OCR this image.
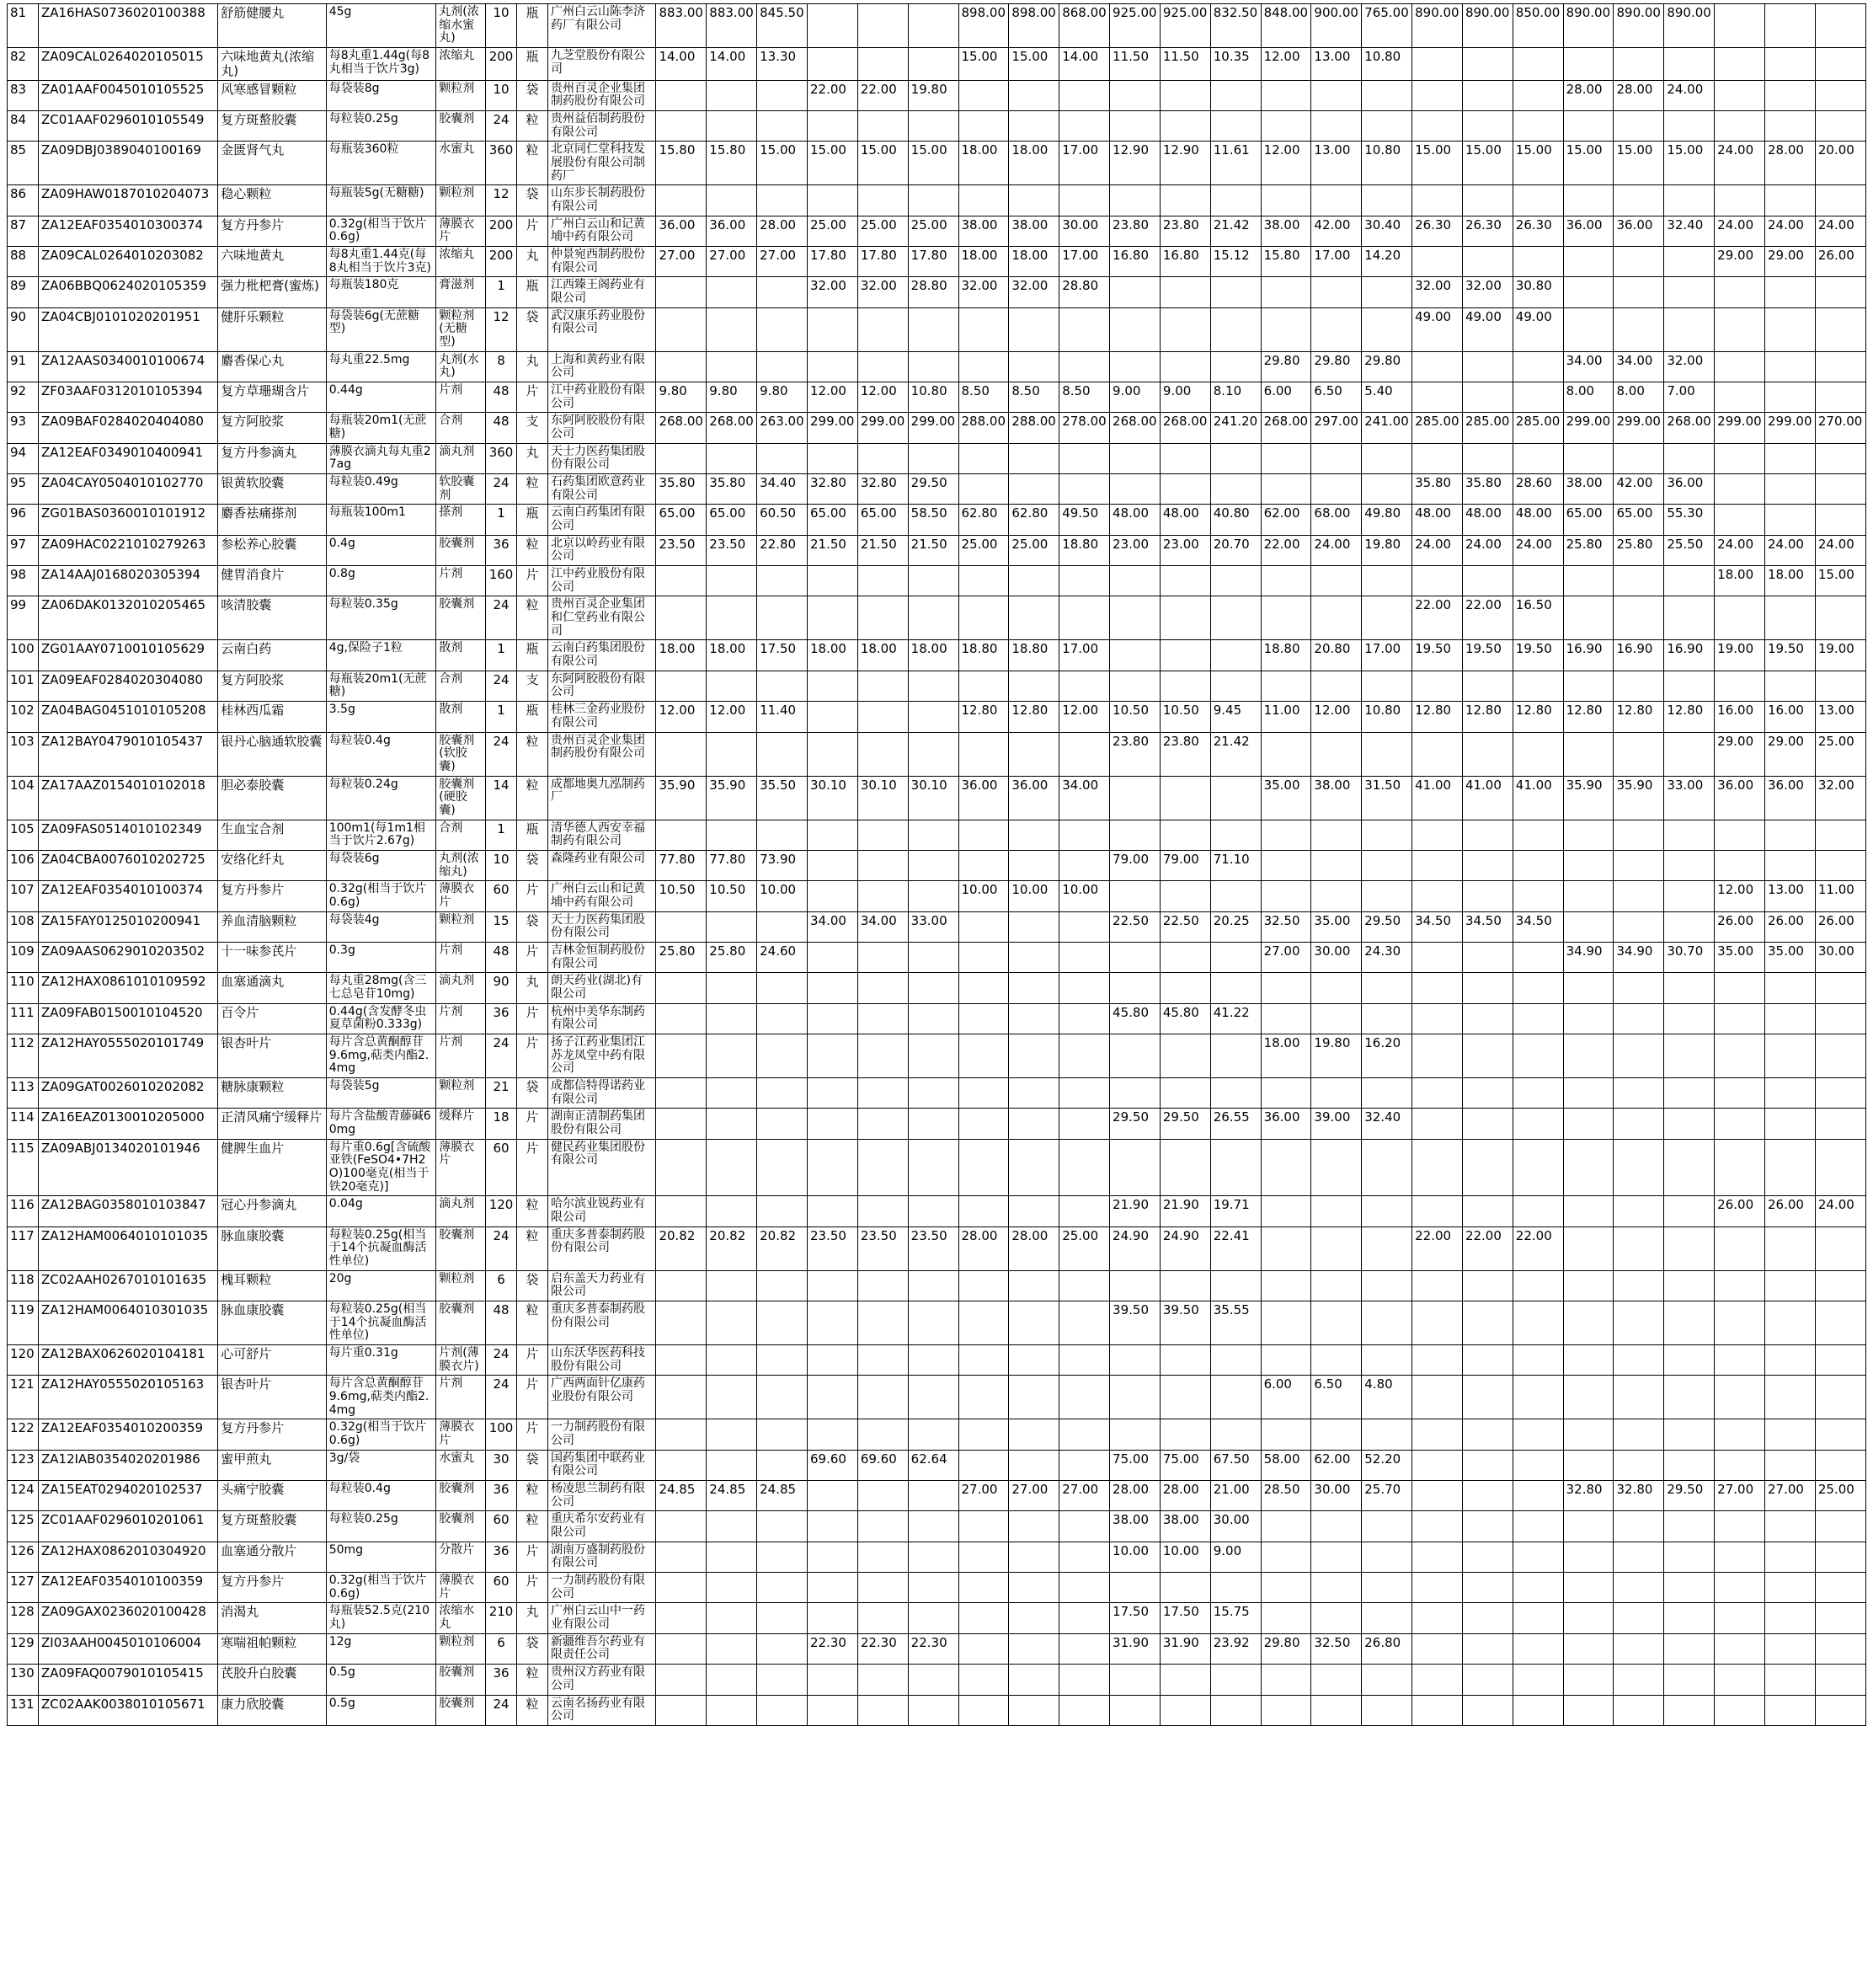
81	ZA16HAS0736020100388	舒筋健腰丸	45g	丸剂(浓缩水蜜丸)	10	瓶	广州白云山陈李济药厂有限公司	883.00	883.00	845.50				898.00	898.00	868.00	925.00	925.00	832.50	848.00	900.00	765.00	890.00	890.00	850.00	890.00	890.00	890.00			
82	ZA09CAL0264020105015	六味地黄丸(浓缩丸)	每8丸重1.44g(每8丸相当于饮片3g)	浓缩丸	200	瓶	九芝堂股份有限公司	14.00	14.00	13.30				15.00	15.00	14.00	11.50	11.50	10.35	12.00	13.00	10.80									
83	ZA01AAF0045010105525	风寒感冒颗粒	每袋装8g	颗粒剂	10	袋	贵州百灵企业集团制药股份有限公司				22.00	22.00	19.80													28.00	28.00	24.00			
84	ZC01AAF0296010105549	复方斑螯胶囊	每粒装0.25g	胶囊剂	24	粒	贵州益佰制药股份有限公司																								
85	ZA09DBJ0389040100169	金匮肾气丸	每瓶装360粒	水蜜丸	360	粒	北京同仁堂科技发展股份有限公司制药厂	15.80	15.80	15.00	15.00	15.00	15.00	18.00	18.00	17.00	12.90	12.90	11.61	12.00	13.00	10.80	15.00	15.00	15.00	15.00	15.00	15.00	24.00	28.00	20.00
86	ZA09HAW0187010204073	稳心颗粒	每瓶装5g(无糖糖)	颗粒剂	12	袋	山东步长制药股份有限公司																								
87	ZA12EAF0354010300374	复方丹参片	0.32g(相当于饮片0.6g)	薄膜衣片	200	片	广州白云山和记黄埔中药有限公司	36.00	36.00	28.00	25.00	25.00	25.00	38.00	38.00	30.00	23.80	23.80	21.42	38.00	42.00	30.40	26.30	26.30	26.30	36.00	36.00	32.40	24.00	24.00	24.00
88	ZA09CAL0264010203082	六味地黄丸	每8丸重1.44克(每8丸相当于饮片3克)	浓缩丸	200	丸	仲景宛西制药股份有限公司	27.00	27.00	27.00	17.80	17.80	17.80	18.00	18.00	17.00	16.80	16.80	15.12	15.80	17.00	14.20							29.00	29.00	26.00
89	ZA06BBQ0624020105359	强力枇杷膏(蜜炼)	每瓶装180克	膏滋剂	1	瓶	江西臻王阁药业有限公司				32.00	32.00	28.80	32.00	32.00	28.80							32.00	32.00	30.80						
90	ZA04CBJ0101020201951	健肝乐颗粒	每袋装6g(无蔗糖型)	颗粒剂(无糖型)	12	袋	武汉康乐药业股份有限公司																49.00	49.00	49.00						
91	ZA12AAS0340010100674	麝香保心丸	每丸重22.5mg	丸剂(水丸)	8	丸	上海和黄药业有限公司													29.80	29.80	29.80				34.00	34.00	32.00			
92	ZF03AAF0312010105394	复方草珊瑚含片	0.44g	片剂	48	片	江中药业股份有限公司	9.80	9.80	9.80	12.00	12.00	10.80	8.50	8.50	8.50	9.00	9.00	8.10	6.00	6.50	5.40				8.00	8.00	7.00			
93	ZA09BAF0284020404080	复方阿胶浆	每瓶装20m1(无蔗糖)	合剂	48	支	东阿阿胶股份有限公司	268.00	268.00	263.00	299.00	299.00	299.00	288.00	288.00	278.00	268.00	268.00	241.20	268.00	297.00	241.00	285.00	285.00	285.00	299.00	299.00	268.00	299.00	299.00	270.00
94	ZA12EAF0349010400941	复方丹参滴丸	薄膜衣滴丸每丸重27ag	滴丸剂	360	丸	天士力医药集团股份有限公司																								
95	ZA04CAY0504010102770	银黄软胶囊	每粒装0.49g	软胶囊剂	24	粒	石药集团欧意药业有限公司	35.80	35.80	34.40	32.80	32.80	29.50										35.80	35.80	28.60	38.00	42.00	36.00			
96	ZG01BAS0360010101912	麝香祛痛搽剂	每瓶装100m1	搽剂	1	瓶	云南白药集团有限公司	65.00	65.00	60.50	65.00	65.00	58.50	62.80	62.80	49.50	48.00	48.00	40.80	62.00	68.00	49.80	48.00	48.00	48.00	65.00	65.00	55.30			
97	ZA09HAC0221010279263	参松养心胶囊	0.4g	胶囊剂	36	粒	北京以岭药业有限公司	23.50	23.50	22.80	21.50	21.50	21.50	25.00	25.00	18.80	23.00	23.00	20.70	22.00	24.00	19.80	24.00	24.00	24.00	25.80	25.80	25.50	24.00	24.00	24.00
98	ZA14AAJ0168020305394	健胃消食片	0.8g	片剂	160	片	江中药业股份有限公司																						18.00	18.00	15.00
99	ZA06DAK0132010205465	咳清胶囊	每粒装0.35g	胶囊剂	24	粒	贵州百灵企业集团和仁堂药业有限公司																22.00	22.00	16.50						
100	ZG01AAY0710010105629	云南白药	4g,保险子1粒	散剂	1	瓶	云南白药集团股份有限公司	18.00	18.00	17.50	18.00	18.00	18.00	18.80	18.80	17.00				18.80	20.80	17.00	19.50	19.50	19.50	16.90	16.90	16.90	19.00	19.50	19.00
101	ZA09EAF0284020304080	复方阿胶浆	每瓶装20m1(无蔗糖)	合剂	24	支	东阿阿胶股份有限公司																								
102	ZA04BAG0451010105208	桂林西瓜霜	3.5g	散剂	1	瓶	桂林三金药业股份有限公司	12.00	12.00	11.40				12.80	12.80	12.00	10.50	10.50	9.45	11.00	12.00	10.80	12.80	12.80	12.80	12.80	12.80	12.80	16.00	16.00	13.00
103	ZA12BAY0479010105437	银丹心脑通软胶囊	每粒装0.4g	胶囊剂(软胶囊)	24	粒	贵州百灵企业集团制药股份有限公司										23.80	23.80	21.42										29.00	29.00	25.00
104	ZA17AAZ0154010102018	胆必泰胶囊	每粒装0.24g	胶囊剂(硬胶囊)	14	粒	成都地奥九泓制药厂	35.90	35.90	35.50	30.10	30.10	30.10	36.00	36.00	34.00				35.00	38.00	31.50	41.00	41.00	41.00	35.90	35.90	33.00	36.00	36.00	32.00
105	ZA09FAS0514010102349	生血宝合剂	100m1(每1m1相当于饮片2.67g)	合剂	1	瓶	清华德人西安幸福制药有限公司																								
106	ZA04CBA0076010202725	安络化纤丸	每袋装6g	丸剂(浓缩丸)	10	袋	森隆药业有限公司	77.80	77.80	73.90							79.00	79.00	71.10												
107	ZA12EAF0354010100374	复方丹参片	0.32g(相当于饮片0.6g)	薄膜衣片	60	片	广州白云山和记黄埔中药有限公司	10.50	10.50	10.00				10.00	10.00	10.00													12.00	13.00	11.00
108	ZA15FAY0125010200941	养血清脑颗粒	每袋装4g	颗粒剂	15	袋	天士力医药集团股份有限公司				34.00	34.00	33.00				22.50	22.50	20.25	32.50	35.00	29.50	34.50	34.50	34.50				26.00	26.00	26.00
109	ZA09AAS0629010203502	十一味参芪片	0.3g	片剂	48	片	吉林金恒制药股份有限公司	25.80	25.80	24.60										27.00	30.00	24.30				34.90	34.90	30.70	35.00	35.00	30.00
110	ZA12HAX0861010109592	血塞通滴丸	每丸重28mg(含三七总皂苷10mg)	滴丸剂	90	丸	朗天药业(湖北)有限公司																								
111	ZA09FAB0150010104520	百令片	0.44g(含发酵冬虫夏草菌粉0.333g)	片剂	36	片	杭州中美华东制药有限公司										45.80	45.80	41.22												
112	ZA12HAY0555020101749	银杏叶片	每片含总黄酮醇苷9.6mg,萜类内酯2.4mg	片剂	24	片	扬子江药业集团江苏龙凤堂中药有限公司													18.00	19.80	16.20									
113	ZA09GAT0026010202082	糖脉康颗粒	每袋装5g	颗粒剂	21	袋	成都信特得诺药业有限公司																								
114	ZA16EAZ0130010205000	正清风痛宁缓释片	每片含盐酸青藤碱60mg	缓释片	18	片	湖南正清制药集团股份有限公司										29.50	29.50	26.55	36.00	39.00	32.40									
115	ZA09ABJ0134020101946	健脾生血片	每片重0.6g[含硫酸亚铁(FeSO4•7H2O)100毫克(相当于铁20毫克)]	薄膜衣片	60	片	健民药业集团股份有限公司																								
116	ZA12BAG0358010103847	冠心丹参滴丸	0.04g	滴丸剂	120	粒	哈尔滨业锐药业有限公司										21.90	21.90	19.71										26.00	26.00	24.00
117	ZA12HAM0064010101035	脉血康胶囊	每粒装0.25g(相当于14个抗凝血酶活性单位)	胶囊剂	24	粒	重庆多普泰制药股份有限公司	20.82	20.82	20.82	23.50	23.50	23.50	28.00	28.00	25.00	24.90	24.90	22.41				22.00	22.00	22.00						
118	ZC02AAH0267010101635	槐耳颗粒	20g	颗粒剂	6	袋	启东盖天力药业有限公司																								
119	ZA12HAM0064010301035	脉血康胶囊	每粒装0.25g(相当于14个抗凝血酶活性单位)	胶囊剂	48	粒	重庆多普泰制药股份有限公司										39.50	39.50	35.55												
120	ZA12BAX0626020104181	心可舒片	每片重0.31g	片剂(薄膜衣片)	24	片	山东沃华医药科技股份有限公司																								
121	ZA12HAY0555020105163	银杏叶片	每片含总黄酮醇苷9.6mg,萜类内酯2.4mg	片剂	24	片	广西两面针亿康药业股份有限公司													6.00	6.50	4.80									
122	ZA12EAF0354010200359	复方丹参片	0.32g(相当于饮片0.6g)	薄膜衣片	100	片	一力制药股份有限公司																								
123	ZA12IAB0354020201986	蜜甲煎丸	3g/袋	水蜜丸	30	袋	国药集团中联药业有限公司				69.60	69.60	62.64				75.00	75.00	67.50	58.00	62.00	52.20									
124	ZA15EAT0294020102537	头痛宁胶囊	每粒装0.4g	胶囊剂	36	粒	杨凌思兰制药有限公司	24.85	24.85	24.85				27.00	27.00	27.00	28.00	28.00	21.00	28.50	30.00	25.70				32.80	32.80	29.50	27.00	27.00	25.00
125	ZC01AAF0296010201061	复方斑螯胶囊	每粒装0.25g	胶囊剂	60	粒	重庆希尔安药业有限公司										38.00	38.00	30.00												
126	ZA12HAX0862010304920	血塞通分散片	50mg	分散片	36	片	湖南万盛制药股份有限公司										10.00	10.00	9.00												
127	ZA12EAF0354010100359	复方丹参片	0.32g(相当于饮片0.6g)	薄膜衣片	60	片	一力制药股份有限公司																								
128	ZA09GAX0236020100428	消渴丸	每瓶装52.5克(210丸)	浓缩水丸	210	丸	广州白云山中一药业有限公司										17.50	17.50	15.75												
129	ZI03AAH0045010106004	寒喘祖帕颗粒	12g	颗粒剂	6	袋	新疆维吾尔药业有限责任公司				22.30	22.30	22.30				31.90	31.90	23.92	29.80	32.50	26.80									
130	ZA09FAQ0079010105415	芪胶升白胶囊	0.5g	胶囊剂	36	粒	贵州汉方药业有限公司																								
131	ZC02AAK0038010105671	康力欣胶囊	0.5g	胶囊剂	24	粒	云南名扬药业有限公司																								
